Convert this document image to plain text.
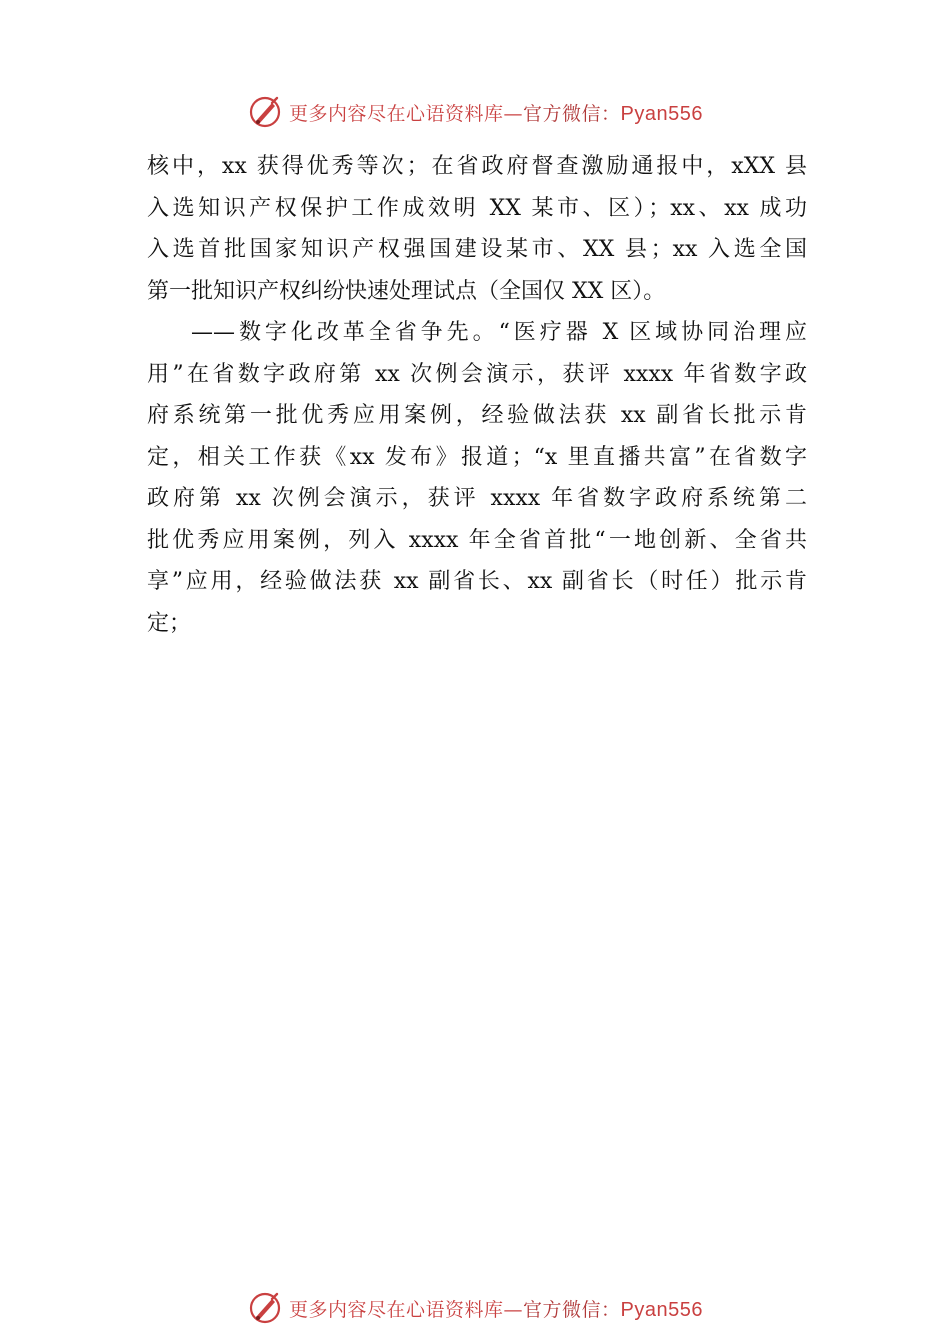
更多内容尽在心语资料库—官方微信：Pyan556
核中，xx 获得优秀等次；在省政府督查激励通报中，xXX 县
入选知识产权保护工作成效明 XX 某市、区）；xx、xx 成功
入选首批国家知识产权强国建设某市、XX 县；xx 入选全国
第一批知识产权纠纷快速处理试点（全国仅 XX 区）。
——数字化改革全省争先。“医疗器 X 区域协同治理应
用”在省数字政府第 xx 次例会演示，获评 xxxx 年省数字政
府系统第一批优秀应用案例，经验做法获 xx 副省长批示肯
定，相关工作获《xx 发布》报道；“x 里直播共富”在省数字
政府第 xx 次例会演示，获评 xxxx 年省数字政府系统第二
批优秀应用案例，列入 xxxx 年全省首批“一地创新、全省共
享”应用，经验做法获 xx 副省长、xx 副省长（时任）批示肯
定；
更多内容尽在心语资料库—官方微信：Pyan556
